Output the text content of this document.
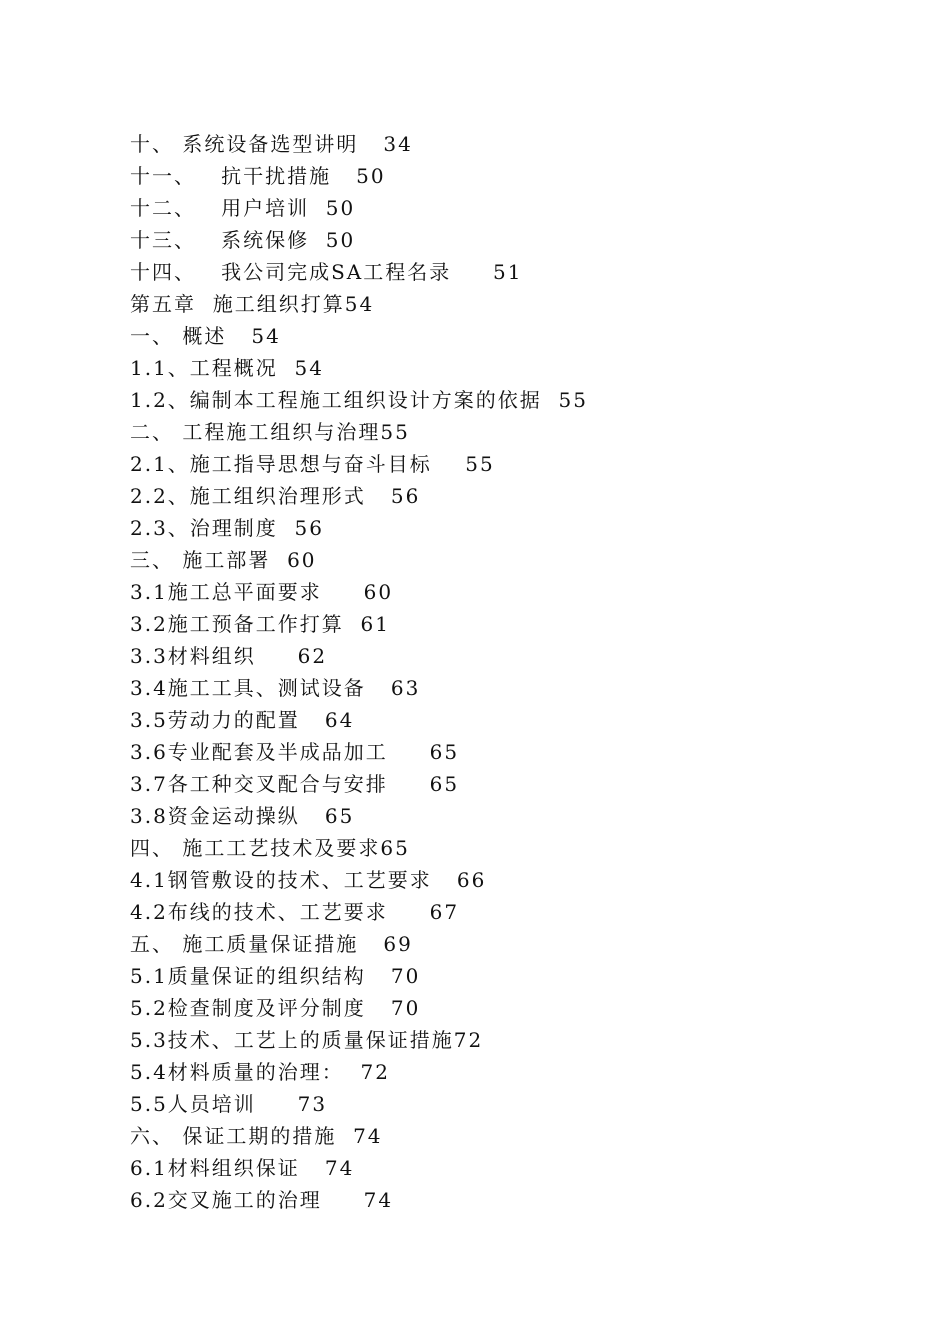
十、 系统设备选型讲明   34
十一、   抗干扰措施   50
十二、   用户培训  50
十三、   系统保修  50
十四、   我公司完成SA工程名录     51
第五章  施工组织打算54
一、 概述   54
1.1、工程概况  54
1.2、编制本工程施工组织设计方案的依据  55
二、 工程施工组织与治理55
2.1、施工指导思想与奋斗目标    55
2.2、施工组织治理形式   56
2.3、治理制度  56
三、 施工部署  60
3.1施工总平面要求     60
3.2施工预备工作打算  61
3.3材料组织     62
3.4施工工具、测试设备   63
3.5劳动力的配置   64
3.6专业配套及半成品加工     65
3.7各工种交叉配合与安排     65
3.8资金运动操纵   65
四、 施工工艺技术及要求65
4.1钢管敷设的技术、工艺要求   66
4.2布线的技术、工艺要求     67
五、 施工质量保证措施   69
5.1质量保证的组织结构   70
5.2检查制度及评分制度   70
5.3技术、工艺上的质量保证措施72
5.4材料质量的治理：  72
5.5人员培训     73
六、 保证工期的措施  74
6.1材料组织保证   74
6.2交叉施工的治理     74
